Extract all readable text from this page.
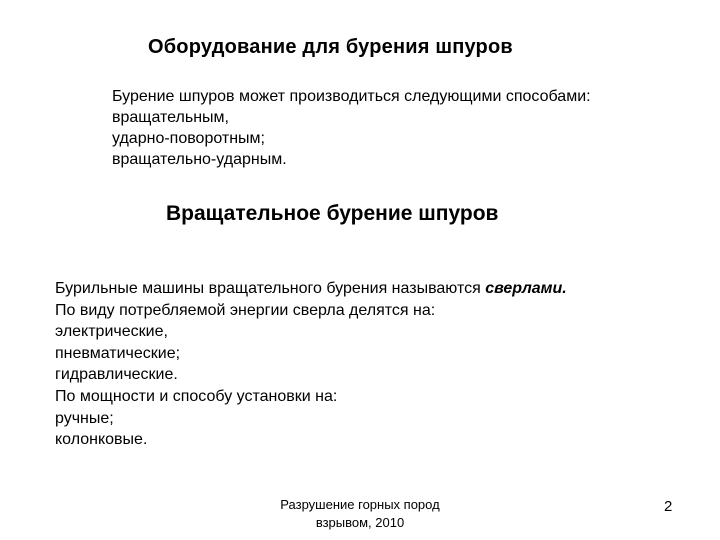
Оборудование для бурения шпуров
Бурение шпуров может производиться следующими способами:
вращательным,
ударно-поворотным;
вращательно-ударным.
Вращательное бурение шпуров
Бурильные машины вращательного бурения называются сверлами.
По виду потребляемой энергии сверла делятся на:
электрические,
пневматические;
гидравлические.
По мощности и способу установки на:
ручные;
колонковые.
Разрушение горных пород
взрывом, 2010
2
